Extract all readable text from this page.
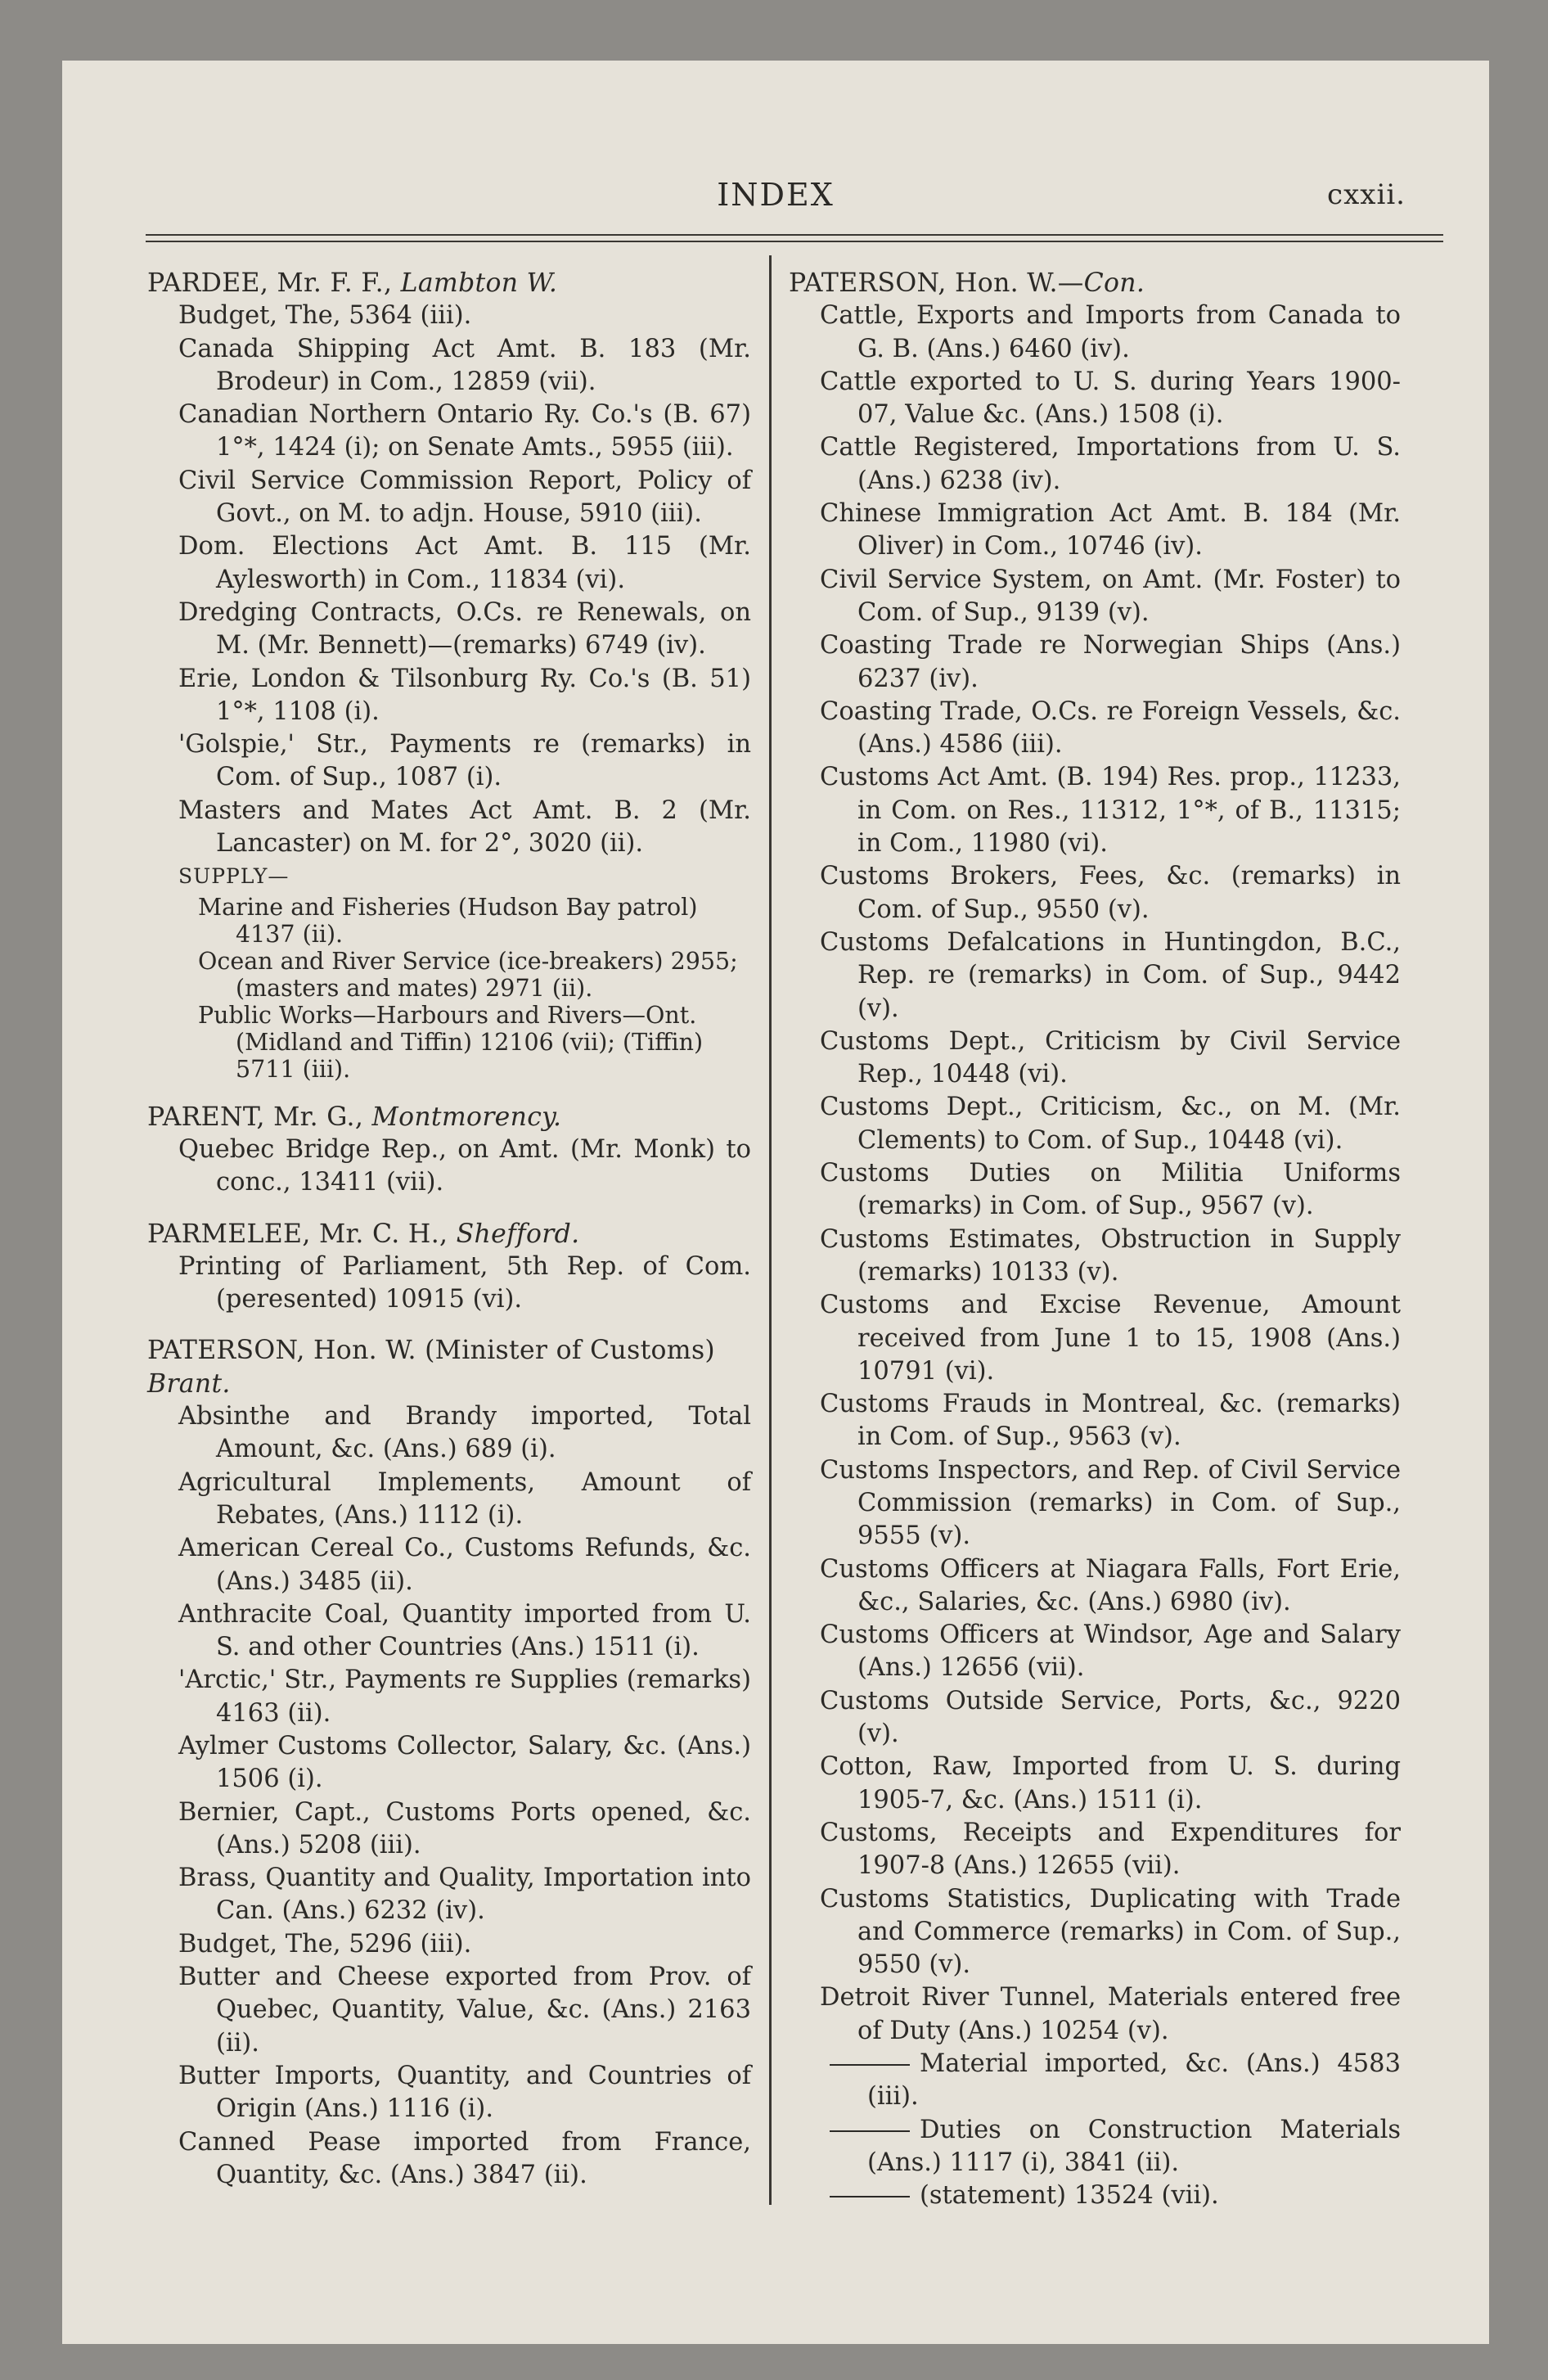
INDEX	cxxii.
PARDEE, Mr. F. F., Lambton W.
Budget, The, 5364 (iii).
Canada Shipping Act Amt. B. 183 (Mr. Brodeur) in Com., 12859 (vii).
Canadian Northern Ontario Ry. Co.'s (B. 67) 1°*, 1424 (i); on Senate Amts., 5955 (iii).
Civil Service Commission Report, Policy of Govt., on M. to adjn. House, 5910 (iii).
Dom. Elections Act Amt. B. 115 (Mr. Aylesworth) in Com., 11834 (vi).
Dredging Contracts, O.Cs. re Renewals, on M. (Mr. Bennett)—(remarks) 6749 (iv).
Erie, London & Tilsonburg Ry. Co.'s (B. 51) 1°*, 1108 (i).
'Golspie,' Str., Payments re (remarks) in Com. of Sup., 1087 (i).
Masters and Mates Act Amt. B. 2 (Mr. Lancaster) on M. for 2°, 3020 (ii).
SUPPLY—
Marine and Fisheries (Hudson Bay patrol) 4137 (ii).
Ocean and River Service (ice-breakers) 2955; (masters and mates) 2971 (ii).
Public Works—Harbours and Rivers—Ont. (Midland and Tiffin) 12106 (vii); (Tiffin) 5711 (iii).
PARENT, Mr. G., Montmorency.
Quebec Bridge Rep., on Amt. (Mr. Monk) to conc., 13411 (vii).
PARMELEE, Mr. C. H., Shefford.
Printing of Parliament, 5th Rep. of Com. (peresented) 10915 (vi).
PATERSON, Hon. W. (Minister of Customs)
Brant.
Absinthe and Brandy imported, Total Amount, &c. (Ans.) 689 (i).
Agricultural Implements, Amount of Rebates, (Ans.) 1112 (i).
American Cereal Co., Customs Refunds, &c. (Ans.) 3485 (ii).
Anthracite Coal, Quantity imported from U. S. and other Countries (Ans.) 1511 (i).
'Arctic,' Str., Payments re Supplies (remarks) 4163 (ii).
Aylmer Customs Collector, Salary, &c. (Ans.) 1506 (i).
Bernier, Capt., Customs Ports opened, &c. (Ans.) 5208 (iii).
Brass, Quantity and Quality, Importation into Can. (Ans.) 6232 (iv).
Budget, The, 5296 (iii).
Butter and Cheese exported from Prov. of Quebec, Quantity, Value, &c. (Ans.) 2163 (ii).
Butter Imports, Quantity, and Countries of Origin (Ans.) 1116 (i).
Canned Pease imported from France, Quantity, &c. (Ans.) 3847 (ii).
PATERSON, Hon. W.—Con.
Cattle, Exports and Imports from Canada to G. B. (Ans.) 6460 (iv).
Cattle exported to U. S. during Years 1900-07, Value &c. (Ans.) 1508 (i).
Cattle Registered, Importations from U. S. (Ans.) 6238 (iv).
Chinese Immigration Act Amt. B. 184 (Mr. Oliver) in Com., 10746 (iv).
Civil Service System, on Amt. (Mr. Foster) to Com. of Sup., 9139 (v).
Coasting Trade re Norwegian Ships (Ans.) 6237 (iv).
Coasting Trade, O.Cs. re Foreign Vessels, &c. (Ans.) 4586 (iii).
Customs Act Amt. (B. 194) Res. prop., 11233, in Com. on Res., 11312, 1°*, of B., 11315; in Com., 11980 (vi).
Customs Brokers, Fees, &c. (remarks) in Com. of Sup., 9550 (v).
Customs Defalcations in Huntingdon, B.C., Rep. re (remarks) in Com. of Sup., 9442 (v).
Customs Dept., Criticism by Civil Service Rep., 10448 (vi).
Customs Dept., Criticism, &c., on M. (Mr. Clements) to Com. of Sup., 10448 (vi).
Customs Duties on Militia Uniforms (remarks) in Com. of Sup., 9567 (v).
Customs Estimates, Obstruction in Supply (remarks) 10133 (v).
Customs and Excise Revenue, Amount received from June 1 to 15, 1908 (Ans.) 10791 (vi).
Customs Frauds in Montreal, &c. (remarks) in Com. of Sup., 9563 (v).
Customs Inspectors, and Rep. of Civil Service Commission (remarks) in Com. of Sup., 9555 (v).
Customs Officers at Niagara Falls, Fort Erie, &c., Salaries, &c. (Ans.) 6980 (iv).
Customs Officers at Windsor, Age and Salary (Ans.) 12656 (vii).
Customs Outside Service, Ports, &c., 9220 (v).
Cotton, Raw, Imported from U. S. during 1905-7, &c. (Ans.) 1511 (i).
Customs, Receipts and Expenditures for 1907-8 (Ans.) 12655 (vii).
Customs Statistics, Duplicating with Trade and Commerce (remarks) in Com. of Sup., 9550 (v).
Detroit River Tunnel, Materials entered free of Duty (Ans.) 10254 (v).
Material imported, &c. (Ans.) 4583 (iii).
Duties on Construction Materials (Ans.) 1117 (i), 3841 (ii).
(statement) 13524 (vii).
